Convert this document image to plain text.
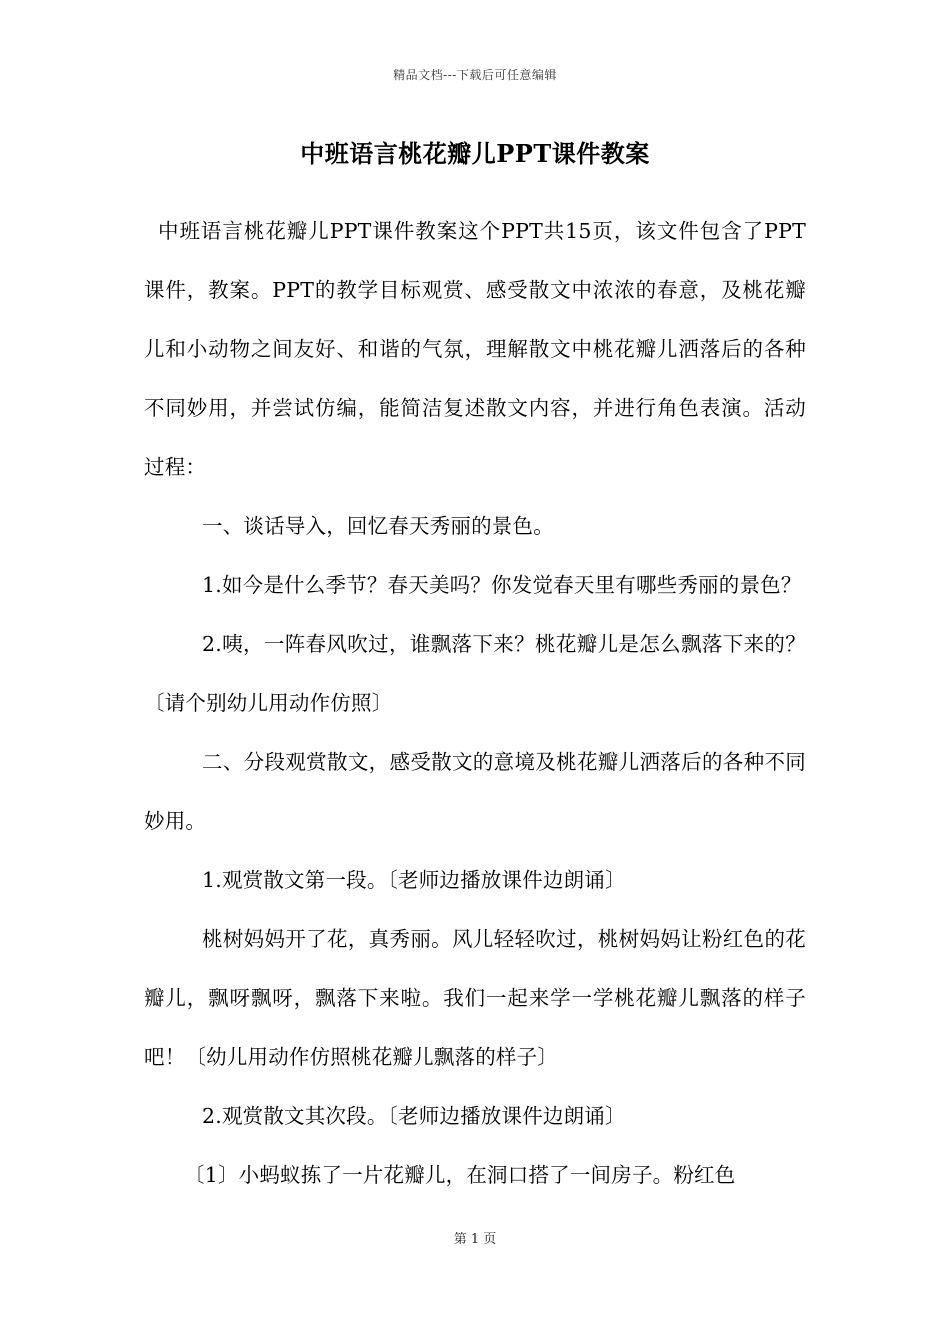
精品文档---下载后可任意编辑
中班语言桃花瓣儿PPT课件教案

中班语言桃花瓣儿PPT课件教案这个PPT共15页，该文件包含了PPT课件，教案。PPT的教学目标观赏、感受散文中浓浓的春意，及桃花瓣儿和小动物之间友好、和谐的气氛，理解散文中桃花瓣儿洒落后的各种不同妙用，并尝试仿编，能简洁复述散文内容，并进行角色表演。活动过程：

一、谈话导入，回忆春天秀丽的景色。

1.如今是什么季节？春天美吗？你发觉春天里有哪些秀丽的景色？

2.咦，一阵春风吹过，谁飘落下来？桃花瓣儿是怎么飘落下来的？〔请个别幼儿用动作仿照〕

二、分段观赏散文，感受散文的意境及桃花瓣儿洒落后的各种不同妙用。

1.观赏散文第一段。〔老师边播放课件边朗诵〕

桃树妈妈开了花，真秀丽。风儿轻轻吹过，桃树妈妈让粉红色的花瓣儿，飘呀飘呀，飘落下来啦。我们一起来学一学桃花瓣儿飘落的样子吧！〔幼儿用动作仿照桃花瓣儿飘落的样子〕

2.观赏散文其次段。〔老师边播放课件边朗诵〕

〔1〕小蚂蚁拣了一片花瓣儿，在洞口搭了一间房子。粉红色

第 1 页
